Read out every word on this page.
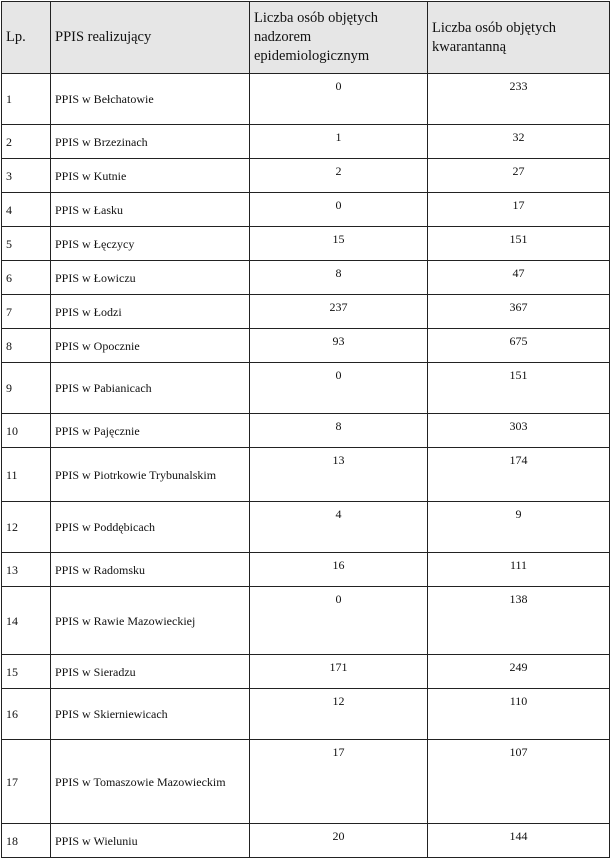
Lp.	PPIS realizujący	Liczba osób objętych nadzorem epidemiologicznym	Liczba osób objętych kwarantanną

1	PPIS w Bełchatowie	0	233
2	PPIS w Brzezinach	1	32
3	PPIS w Kutnie	2	27
4	PPIS w Łasku	0	17
5	PPIS w Łęczycy	15	151
6	PPIS w Łowiczu	8	47
7	PPIS w Łodzi	237	367
8	PPIS w Opocznie	93	675
9	PPIS w Pabianicach	0	151
10	PPIS w Pajęcznie	8	303
11	PPIS w Piotrkowie Trybunalskim	13	174
12	PPIS w Poddębicach	4	9
13	PPIS w Radomsku	16	111
14	PPIS w Rawie Mazowieckiej	0	138
15	PPIS w Sieradzu	171	249
16	PPIS w Skierniewicach	12	110
17	PPIS w Tomaszowie Mazowieckim	17	107
18	PPIS w Wieluniu	20	144
